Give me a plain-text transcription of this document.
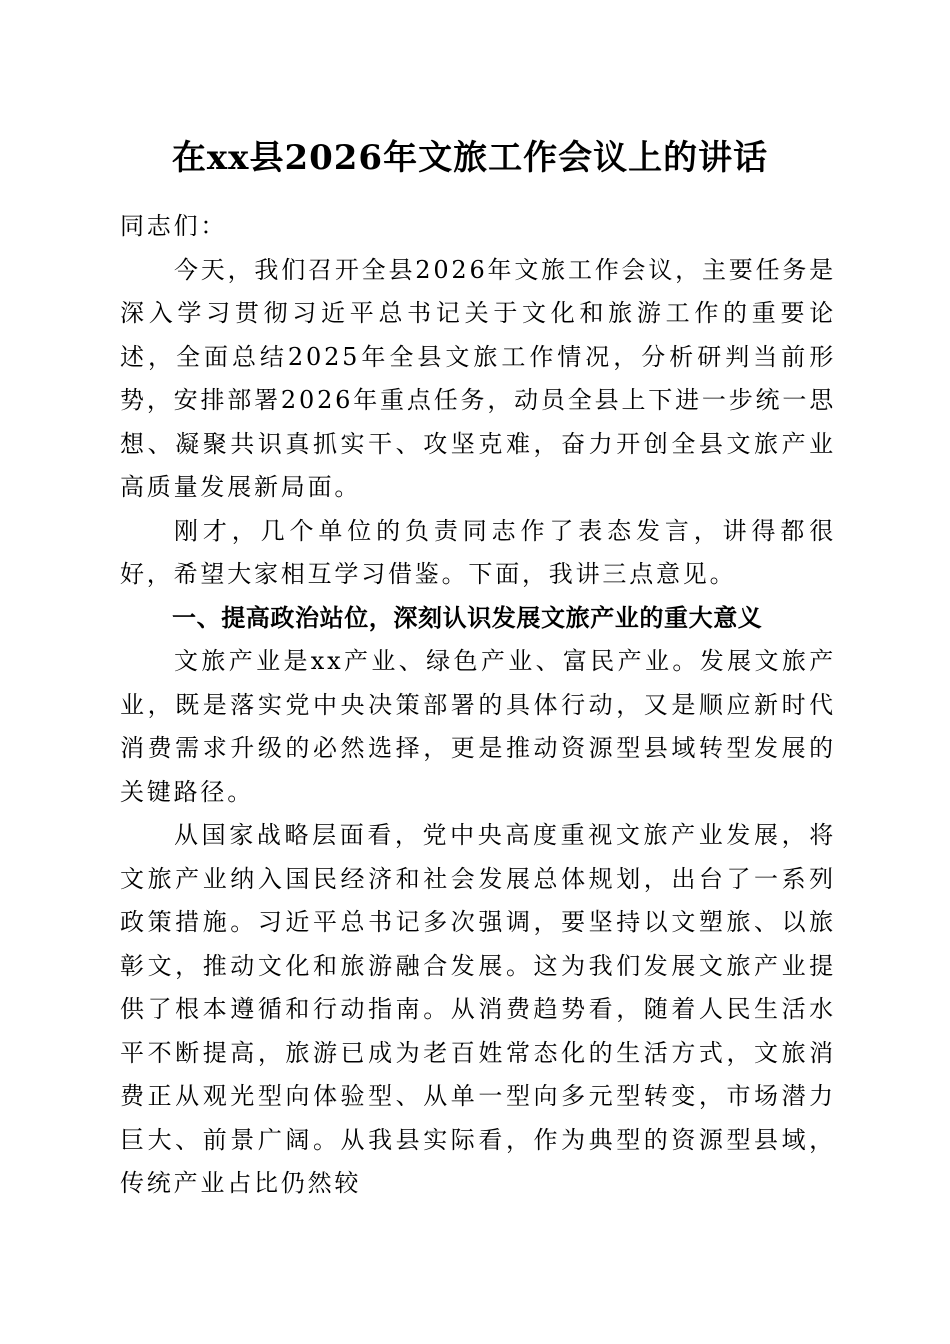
在xx县2026年文旅工作会议上的讲话

同志们：

今天，我们召开全县2026年文旅工作会议，主要任务是深入学习贯彻习近平总书记关于文化和旅游工作的重要论述，全面总结2025年全县文旅工作情况，分析研判当前形势，安排部署2026年重点任务，动员全县上下进一步统一思想、凝聚共识真抓实干、攻坚克难，奋力开创全县文旅产业高质量发展新局面。

刚才，几个单位的负责同志作了表态发言，讲得都很好，希望大家相互学习借鉴。下面，我讲三点意见。

一、提高政治站位，深刻认识发展文旅产业的重大意义

文旅产业是xx产业、绿色产业、富民产业。发展文旅产业，既是落实党中央决策部署的具体行动，又是顺应新时代消费需求升级的必然选择，更是推动资源型县域转型发展的关键路径。

从国家战略层面看，党中央高度重视文旅产业发展，将文旅产业纳入国民经济和社会发展总体规划，出台了一系列政策措施。习近平总书记多次强调，要坚持以文塑旅、以旅彰文，推动文化和旅游融合发展。这为我们发展文旅产业提供了根本遵循和行动指南。从消费趋势看，随着人民生活水平不断提高，旅游已成为老百姓常态化的生活方式，文旅消费正从观光型向体验型、从单一型向多元型转变，市场潜力巨大、前景广阔。从我县实际看，作为典型的资源型县域，传统产业占比仍然较
